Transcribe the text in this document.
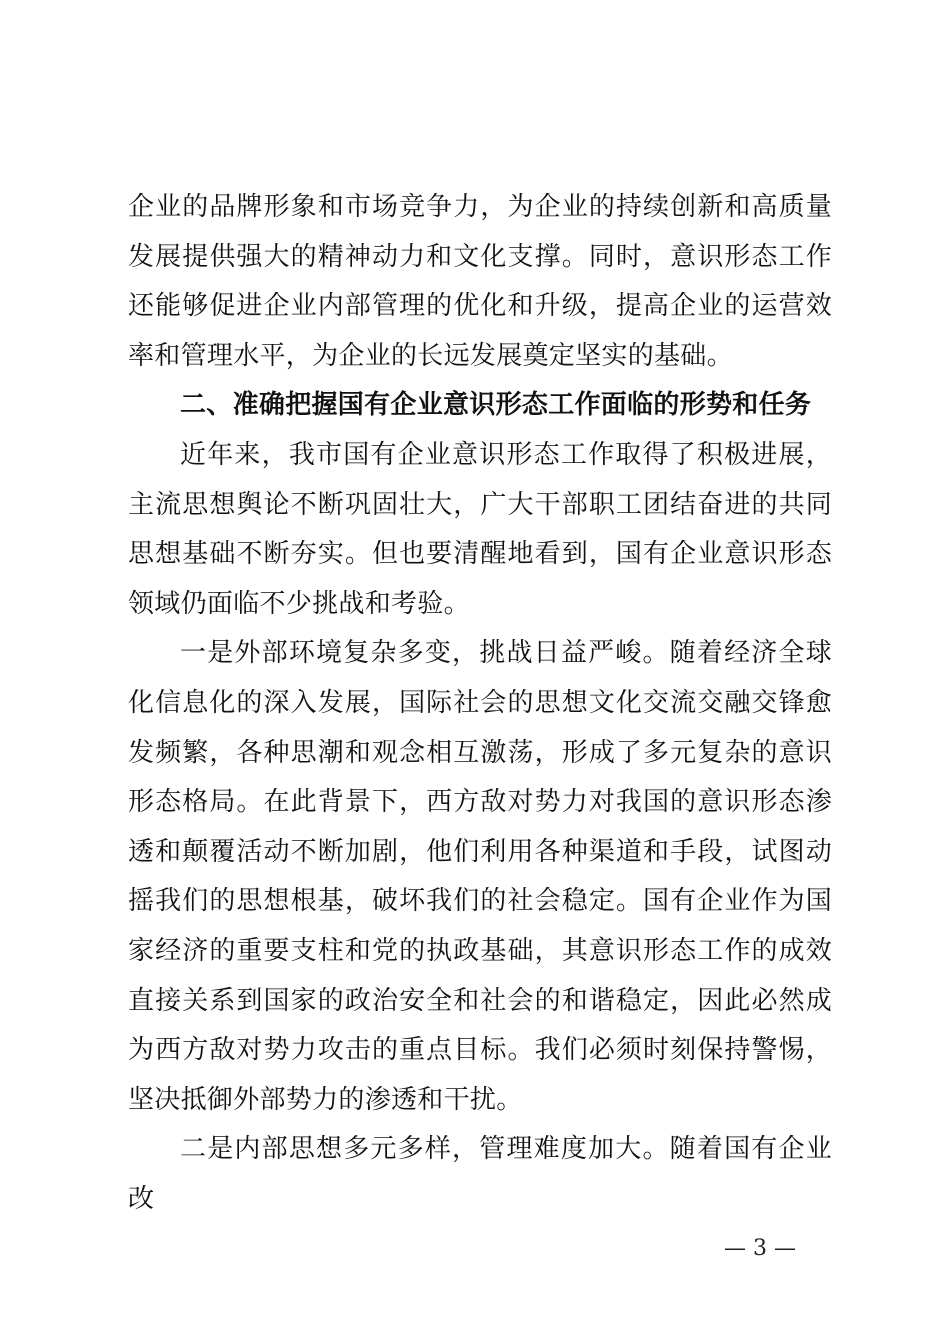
企业的品牌形象和市场竞争力，为企业的持续创新和高质量发展提供强大的精神动力和文化支撑。同时，意识形态工作还能够促进企业内部管理的优化和升级，提高企业的运营效率和管理水平，为企业的长远发展奠定坚实的基础。

二、准确把握国有企业意识形态工作面临的形势和任务

近年来，我市国有企业意识形态工作取得了积极进展，主流思想舆论不断巩固壮大，广大干部职工团结奋进的共同思想基础不断夯实。但也要清醒地看到，国有企业意识形态领域仍面临不少挑战和考验。

一是外部环境复杂多变，挑战日益严峻。随着经济全球化信息化的深入发展，国际社会的思想文化交流交融交锋愈发频繁，各种思潮和观念相互激荡，形成了多元复杂的意识形态格局。在此背景下，西方敌对势力对我国的意识形态渗透和颠覆活动不断加剧，他们利用各种渠道和手段，试图动摇我们的思想根基，破坏我们的社会稳定。国有企业作为国家经济的重要支柱和党的执政基础，其意识形态工作的成效直接关系到国家的政治安全和社会的和谐稳定，因此必然成为西方敌对势力攻击的重点目标。我们必须时刻保持警惕，坚决抵御外部势力的渗透和干扰。

二是内部思想多元多样，管理难度加大。随着国有企业改

— 3 —
